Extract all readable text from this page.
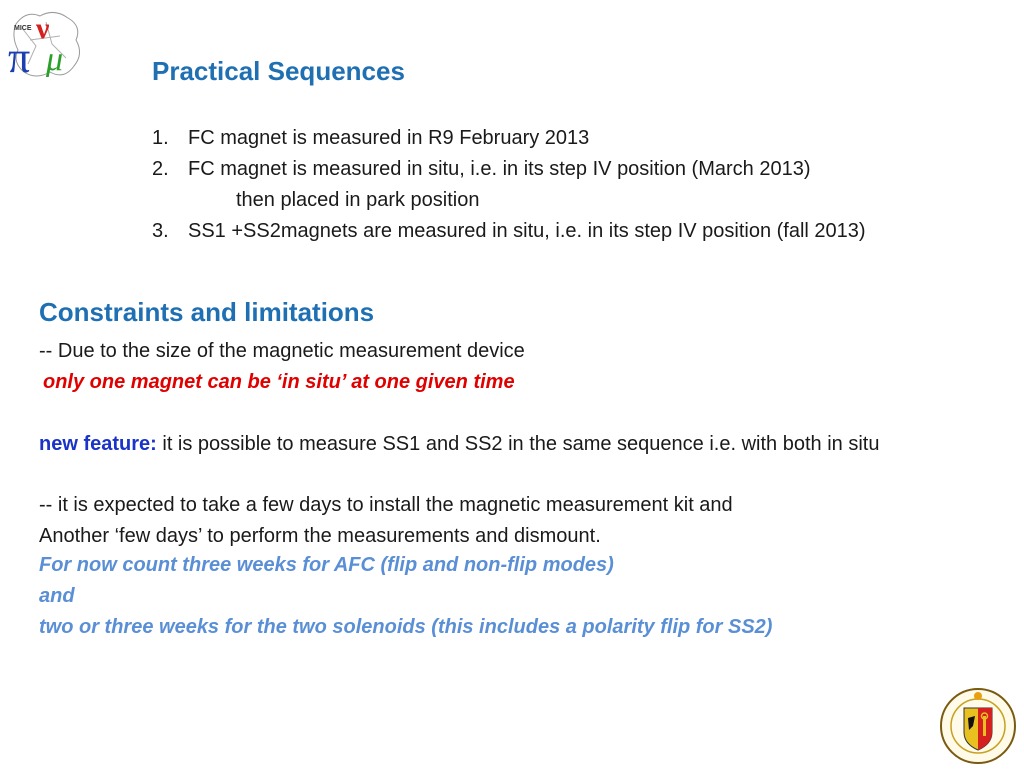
MICE ν
π μ	Practical Sequences
1. FC magnet is measured in R9 February 2013
2. FC magnet is measured in situ, i.e. in its step IV position (March 2013)
then placed in park position
3. SS1 +SS2magnets are measured in situ, i.e. in its step IV position (fall 2013)
Constraints and limitations
-- Due to the size of the magnetic measurement device
only one magnet can be ‘in situ’ at one given time
new feature: it is possible to measure SS1 and SS2 in the same sequence i.e. with both in situ
-- it is expected to take a few days to install the magnetic measurement kit and
Another ‘few days’ to perform the measurements and dismount.
For now count three weeks for AFC (flip and non-flip modes)
and
two or three weeks for the two solenoids (this includes a polarity flip for SS2)
